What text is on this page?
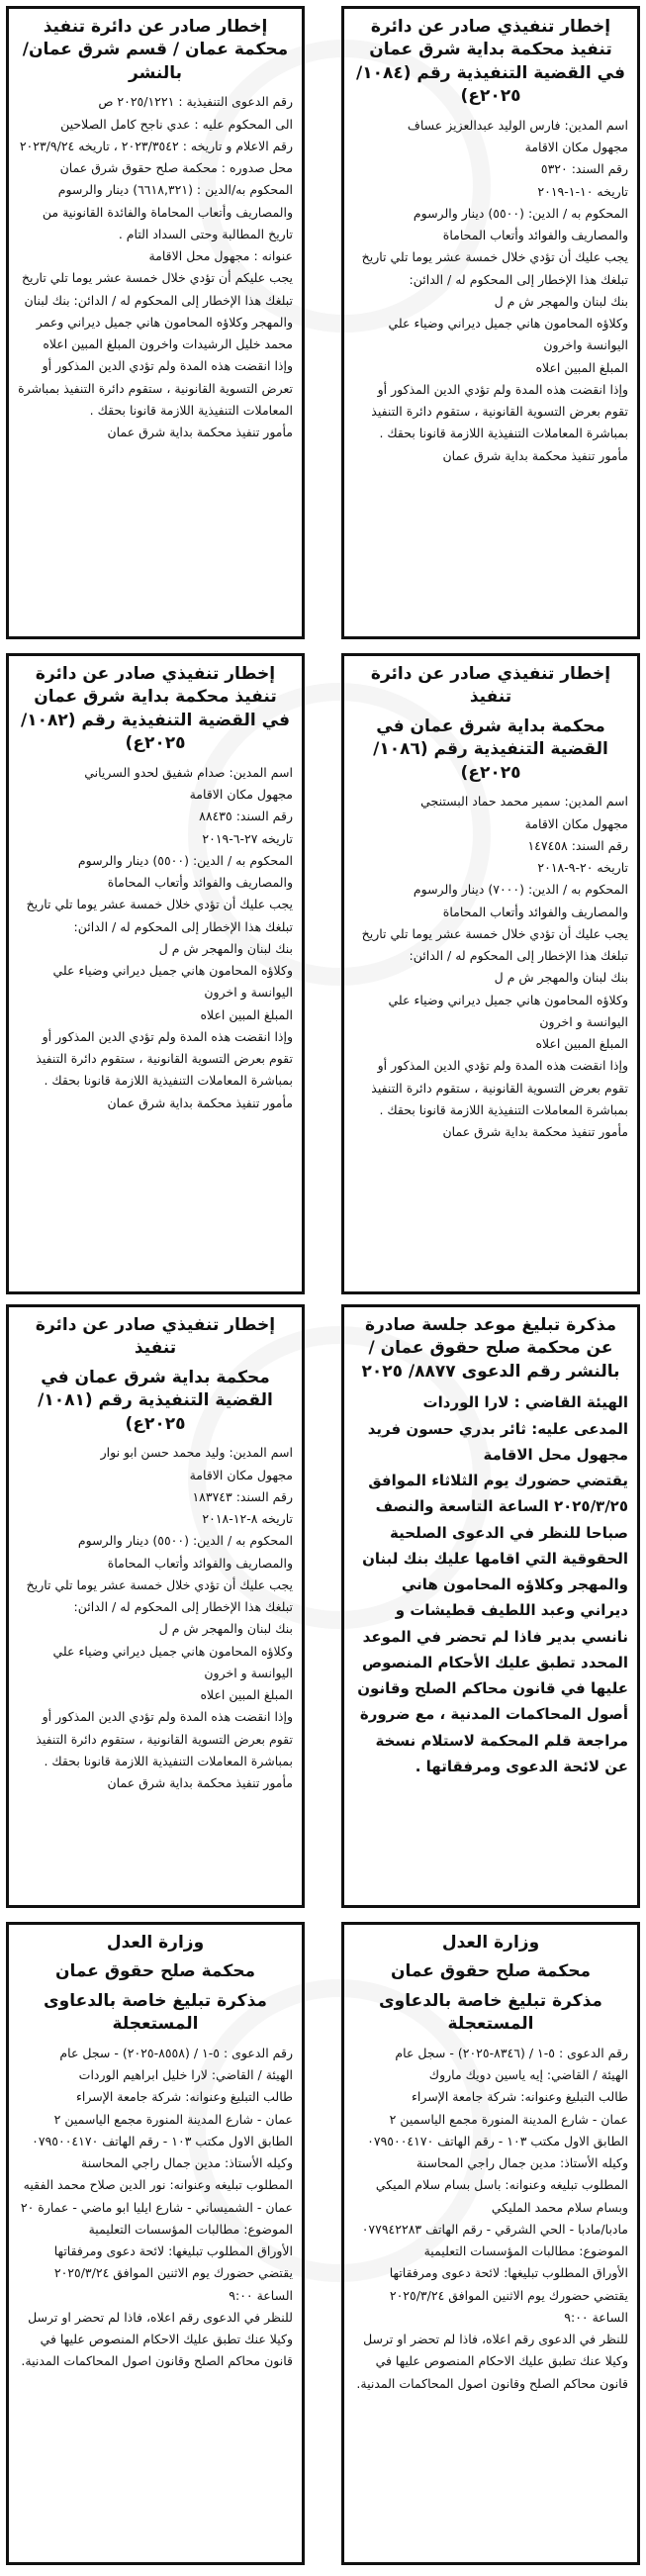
إخطار تنفيذي صادر عن دائرة تنفيذ محكمة بداية شرق عمان في القضية التنفيذية رقم (١٠٨٤/ ٢٠٢٥ع)

اسم المدين: فارس الوليد عبدالعزيز عساف

مجهول مكان الاقامة

رقم السند: ٥٣٢٠

تاريخه ١٠-١-٢٠١٩

المحكوم به / الدين: (٥٥٠٠) دينار والرسوم والمصاريف والفوائد وأتعاب المحاماة

يجب عليك أن تؤدي خلال خمسة عشر يوما تلي تاريخ تبلغك هذا الإخطار إلى المحكوم له / الدائن:

بنك لبنان والمهجر ش م ل

وكلاؤه المحامون هاني جميل ديراني وضياء علي اليوانسة واخرون

المبلغ المبين اعلاه

وإذا انقضت هذه المدة ولم تؤدي الدين المذكور أو تقوم بعرض التسوية القانونية ، ستقوم دائرة التنفيذ بمباشرة المعاملات التنفيذية اللازمة قانونا بحقك .

مأمور تنفيذ محكمة بداية شرق عمان

إخطار صادر عن دائرة تنفيذ محكمة عمان / قسم شرق عمان/ بالنشر

رقم الدعوى التنفيذية : ٢٠٢٥/١٢٢١ ص

الى المحكوم عليه : عدي ناجح كامل الصلاحين

رقم الاعلام و تاريخه : ٢٠٢٣/٣٥٤٢ ، تاريخه ٢٠٢٣/٩/٢٤

محل صدوره : محكمة صلح حقوق شرق عمان

المحكوم به/الدين : (٦٦١٨,٣٢١) دينار والرسوم والمصاريف وأتعاب المحاماة والفائدة القانونية من تاريخ المطالبة وحتى السداد التام .

عنوانه : مجهول محل الاقامة

يجب عليكم أن تؤدي خلال خمسة عشر يوما تلي تاريخ تبلغك هذا الإخطار إلى المحكوم له / الدائن: بنك لبنان والمهجر وكلاؤه المحامون هاني جميل ديراني وعمر محمد خليل الرشيدات واخرون المبلغ المبين اعلاه

وإذا انقضت هذه المدة ولم تؤدي الدين المذكور أو تعرض التسوية القانونية ، ستقوم دائرة التنفيذ بمباشرة المعاملات التنفيذية اللازمة قانونا بحقك .

مأمور تنفيذ محكمة بداية شرق عمان

إخطار تنفيذي صادر عن دائرة تنفيذ
محكمة بداية شرق عمان في القضية التنفيذية رقم (١٠٨٦/ ٢٠٢٥ع)

اسم المدين: سمير محمد حماد البستنجي

مجهول مكان الاقامة

رقم السند: ١٤٧٤٥٨

تاريخه ٢٠-٩-٢٠١٨

المحكوم به / الدين: (٧٠٠٠) دينار والرسوم والمصاريف والفوائد وأتعاب المحاماة

يجب عليك أن تؤدي خلال خمسة عشر يوما تلي تاريخ تبلغك هذا الإخطار إلى المحكوم له / الدائن:

بنك لبنان والمهجر ش م ل

وكلاؤه المحامون هاني جميل ديراني وضياء علي اليوانسة و اخرون

المبلغ المبين اعلاه

وإذا انقضت هذه المدة ولم تؤدي الدين المذكور أو تقوم بعرض التسوية القانونية ، ستقوم دائرة التنفيذ بمباشرة المعاملات التنفيذية اللازمة قانونا بحقك .

مأمور تنفيذ محكمة بداية شرق عمان

إخطار تنفيذي صادر عن دائرة تنفيذ محكمة بداية شرق عمان في القضية التنفيذية رقم (١٠٨٢/ ٢٠٢٥ع)

اسم المدين: صدام شفيق لحدو السرياني

مجهول مكان الاقامة

رقم السند: ٨٨٤٣٥

تاريخه ٢٧-٦-٢٠١٩

المحكوم به / الدين: (٥٥٠٠) دينار والرسوم والمصاريف والفوائد وأتعاب المحاماة

يجب عليك أن تؤدي خلال خمسة عشر يوما تلي تاريخ تبلغك هذا الإخطار إلى المحكوم له / الدائن:

بنك لبنان والمهجر ش م ل

وكلاؤه المحامون هاني جميل ديراني وضياء علي اليوانسة و اخرون

المبلغ المبين اعلاه

وإذا انقضت هذه المدة ولم تؤدي الدين المذكور أو تقوم بعرض التسوية القانونية ، ستقوم دائرة التنفيذ بمباشرة المعاملات التنفيذية اللازمة قانونا بحقك .

مأمور تنفيذ محكمة بداية شرق عمان

مذكرة تبليغ موعد جلسة صادرة عن محكمة صلح حقوق عمان / بالنشر رقم الدعوى ٨٨٧٧/ ٢٠٢٥

الهيئة القاضي : لارا الوردات

المدعى عليه: ثائر بدري حسون فريد مجهول محل الاقامة

يقتضي حضورك يوم الثلاثاء الموافق ٢٠٢٥/٣/٢٥ الساعة التاسعة والنصف صباحا للنظر في الدعوى الصلحية الحقوقية التي اقامها عليك بنك لبنان والمهجر وكلاؤه المحامون هاني ديراني وعبد اللطيف قطيشات و نانسي بدير فاذا لم تحضر في الموعد المحدد تطبق عليك الأحكام المنصوص عليها في قانون محاكم الصلح وقانون أصول المحاكمات المدنية ، مع ضرورة مراجعة قلم المحكمة لاستلام نسخة عن لائحة الدعوى ومرفقاتها .

إخطار تنفيذي صادر عن دائرة تنفيذ
محكمة بداية شرق عمان في القضية التنفيذية رقم (١٠٨١/ ٢٠٢٥ع)

اسم المدين: وليد محمد حسن ابو نوار

مجهول مكان الاقامة

رقم السند: ١٨٣٧٤٣

تاريخه ٨-١٢-٢٠١٨

المحكوم به / الدين: (٥٥٠٠) دينار والرسوم والمصاريف والفوائد وأتعاب المحاماة

يجب عليك أن تؤدي خلال خمسة عشر يوما تلي تاريخ تبلغك هذا الإخطار إلى المحكوم له / الدائن:

بنك لبنان والمهجر ش م ل

وكلاؤه المحامون هاني جميل ديراني وضياء علي اليوانسة و اخرون

المبلغ المبين اعلاه

وإذا انقضت هذه المدة ولم تؤدي الدين المذكور أو تقوم بعرض التسوية القانونية ، ستقوم دائرة التنفيذ بمباشرة المعاملات التنفيذية اللازمة قانونا بحقك .

مأمور تنفيذ محكمة بداية شرق عمان

وزارة العدل
محكمة صلح حقوق عمان
مذكرة تبليغ خاصة بالدعاوى المستعجلة

رقم الدعوى : ٥-١ / (٨٣٤٦-٢٠٢٥) - سجل عام

الهيئة / القاضي: إيه ياسين دويك ماروك

طالب التبليغ وعنوانه: شركة جامعة الإسراء

عمان - شارع المدينة المنورة مجمع الياسمين ٢ الطابق الاول مكتب ١٠٣ - رقم الهاتف ٠٧٩٥٠٠٤١٧٠

وكيله الأستاذ: مدين جمال راجي المحاسنة

المطلوب تبليغه وعنوانه: باسل بسام سلام الميكي وبسام سلام محمد المليكي

مادبا/مادبا - الحي الشرقي - رقم الهاتف ٠٧٧٩٤٢٢٨٣

الموضوع: مطالبات المؤسسات التعليمية

الأوراق المطلوب تبليغها: لائحة دعوى ومرفقاتها

يقتضي حضورك يوم الاثنين الموافق ٢٠٢٥/٣/٢٤ الساعة ٩:٠٠

للنظر في الدعوى رقم اعلاه، فاذا لم تحضر او ترسل وكيلا عنك تطبق عليك الاحكام المنصوص عليها في قانون محاكم الصلح وقانون اصول المحاكمات المدنية.

وزارة العدل
محكمة صلح حقوق عمان
مذكرة تبليغ خاصة بالدعاوى المستعجلة

رقم الدعوى : ٥-١ / (٨٥٥٨-٢٠٢٥) - سجل عام

الهيئة / القاضي: لارا خليل ابراهيم الوردات

طالب التبليغ وعنوانه: شركة جامعة الإسراء

عمان - شارع المدينة المنورة مجمع الياسمين ٢ الطابق الاول مكتب ١٠٣ - رقم الهاتف ٠٧٩٥٠٠٤١٧٠

وكيله الأستاذ: مدين جمال راجي المحاسنة

المطلوب تبليغه وعنوانه: نور الدين صلاح محمد الفقيه

عمان - الشميساني - شارع ايليا ابو ماضي - عمارة ٢٠

الموضوع: مطالبات المؤسسات التعليمية

الأوراق المطلوب تبليغها: لائحة دعوى ومرفقاتها

يقتضي حضورك يوم الاثنين الموافق ٢٠٢٥/٣/٢٤ الساعة ٩:٠٠

للنظر في الدعوى رقم اعلاه، فاذا لم تحضر او ترسل وكيلا عنك تطبق عليك الاحكام المنصوص عليها في قانون محاكم الصلح وقانون اصول المحاكمات المدنية.
